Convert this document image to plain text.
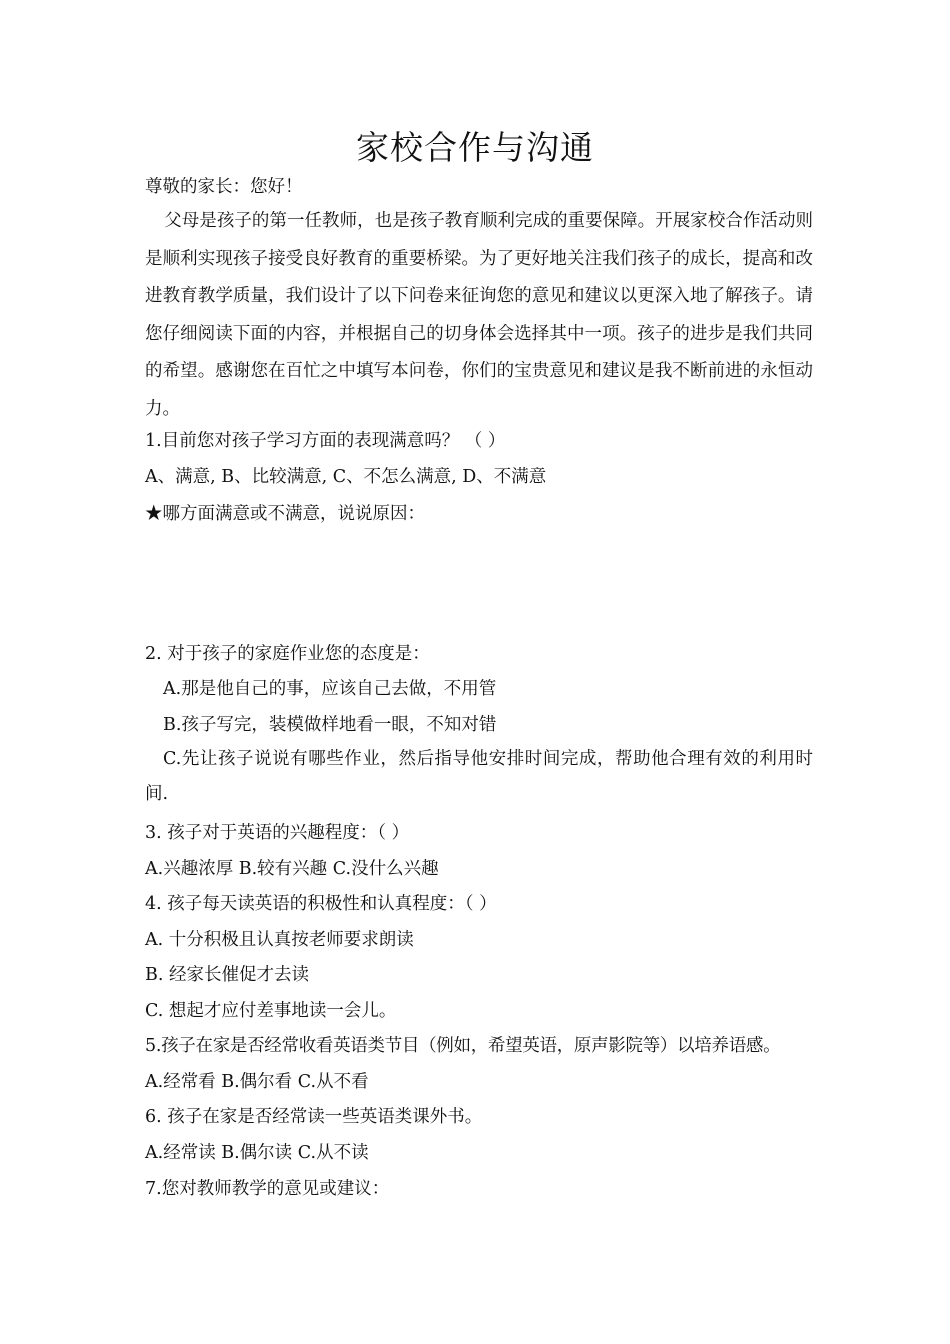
家校合作与沟通
尊敬的家长：您好！
父母是孩子的第一任教师，也是孩子教育顺利完成的重要保障。开展家校合作活动则是顺利实现孩子接受良好教育的重要桥梁。为了更好地关注我们孩子的成长，提高和改进教育教学质量，我们设计了以下问卷来征询您的意见和建议以更深入地了解孩子。请您仔细阅读下面的内容，并根据自己的切身体会选择其中一项。孩子的进步是我们共同的希望。感谢您在百忙之中填写本问卷，你们的宝贵意见和建议是我不断前进的永恒动力。
1.目前您对孩子学习方面的表现满意吗？ （ ）
A、满意, B、比较满意, C、不怎么满意, D、不满意
★哪方面满意或不满意，说说原因：
2. 对于孩子的家庭作业您的态度是：
A.那是他自己的事，应该自己去做，不用管
B.孩子写完，装模做样地看一眼，不知对错
C.先让孩子说说有哪些作业，然后指导他安排时间完成，帮助他合理有效的利用时间.
3. 孩子对于英语的兴趣程度：（ ）
A.兴趣浓厚 B.较有兴趣 C.没什么兴趣
4. 孩子每天读英语的积极性和认真程度：（ ）
A. 十分积极且认真按老师要求朗读
B. 经家长催促才去读
C. 想起才应付差事地读一会儿。
5.孩子在家是否经常收看英语类节目（例如，希望英语，原声影院等）以培养语感。
A.经常看 B.偶尔看 C.从不看
6. 孩子在家是否经常读一些英语类课外书。
A.经常读 B.偶尔读 C.从不读
7.您对教师教学的意见或建议：
